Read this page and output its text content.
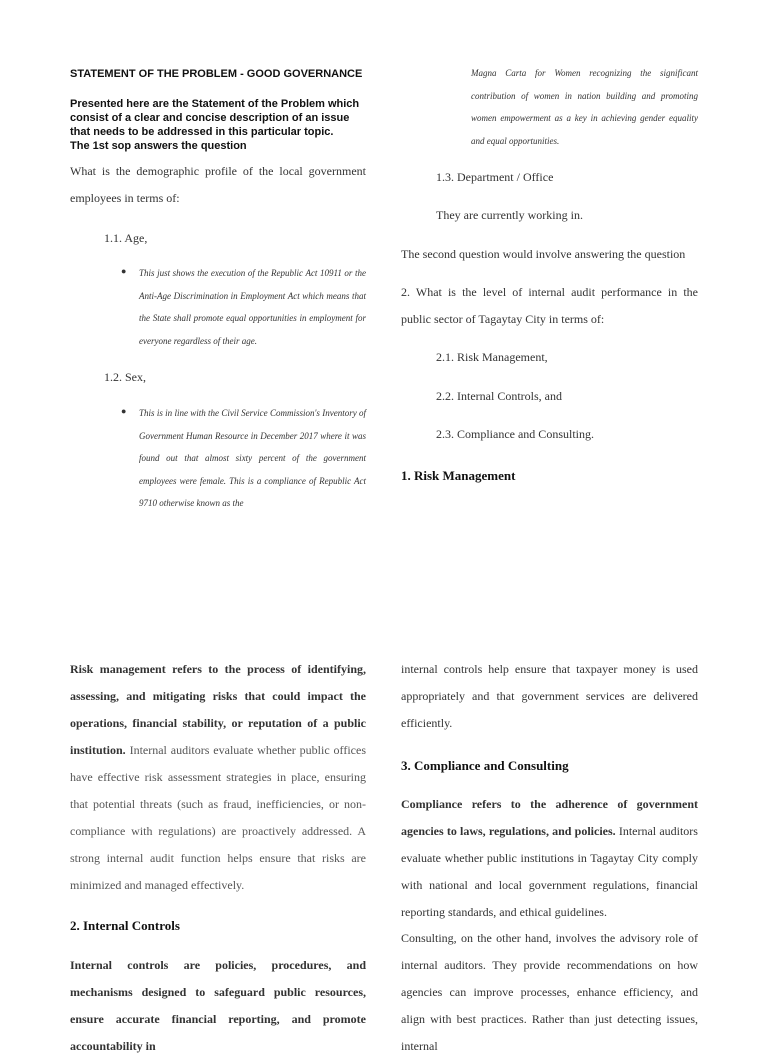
STATEMENT OF THE PROBLEM - GOOD GOVERNANCE
Presented here are the Statement of the Problem which consist of a clear and concise description of an issue that needs to be addressed in this particular topic.
The 1st sop answers the question
What is the demographic profile of the local government employees in terms of:
1.1. Age,
● This just shows the execution of the Republic Act 10911 or the Anti-Age Discrimination in Employment Act which means that the State shall promote equal opportunities in employment for everyone regardless of their age.
1.2. Sex,
● This is in line with the Civil Service Commission's Inventory of Government Human Resource in December 2017 where it was found out that almost sixty percent of the government employees were female. This is a compliance of Republic Act 9710 otherwise known as the
Magna Carta for Women recognizing the significant contribution of women in nation building and promoting women empowerment as a key in achieving gender equality and equal opportunities.
1.3. Department / Office
They are currently working in.
The second question would involve answering the question
2. What is the level of internal audit performance in the public sector of Tagaytay City in terms of:
2.1. Risk Management,
2.2. Internal Controls, and
2.3. Compliance and Consulting.
1. Risk Management
Risk management refers to the process of identifying, assessing, and mitigating risks that could impact the operations, financial stability, or reputation of a public institution. Internal auditors evaluate whether public offices have effective risk assessment strategies in place, ensuring that potential threats (such as fraud, inefficiencies, or non-compliance with regulations) are proactively addressed. A strong internal audit function helps ensure that risks are minimized and managed effectively.
2. Internal Controls
Internal controls are policies, procedures, and mechanisms designed to safeguard public resources, ensure accurate financial reporting, and promote accountability in
internal controls help ensure that taxpayer money is used appropriately and that government services are delivered efficiently.
3. Compliance and Consulting
Compliance refers to the adherence of government agencies to laws, regulations, and policies. Internal auditors evaluate whether public institutions in Tagaytay City comply with national and local government regulations, financial reporting standards, and ethical guidelines.
Consulting, on the other hand, involves the advisory role of internal auditors. They provide recommendations on how agencies can improve processes, enhance efficiency, and align with best practices. Rather than just detecting issues, internal
